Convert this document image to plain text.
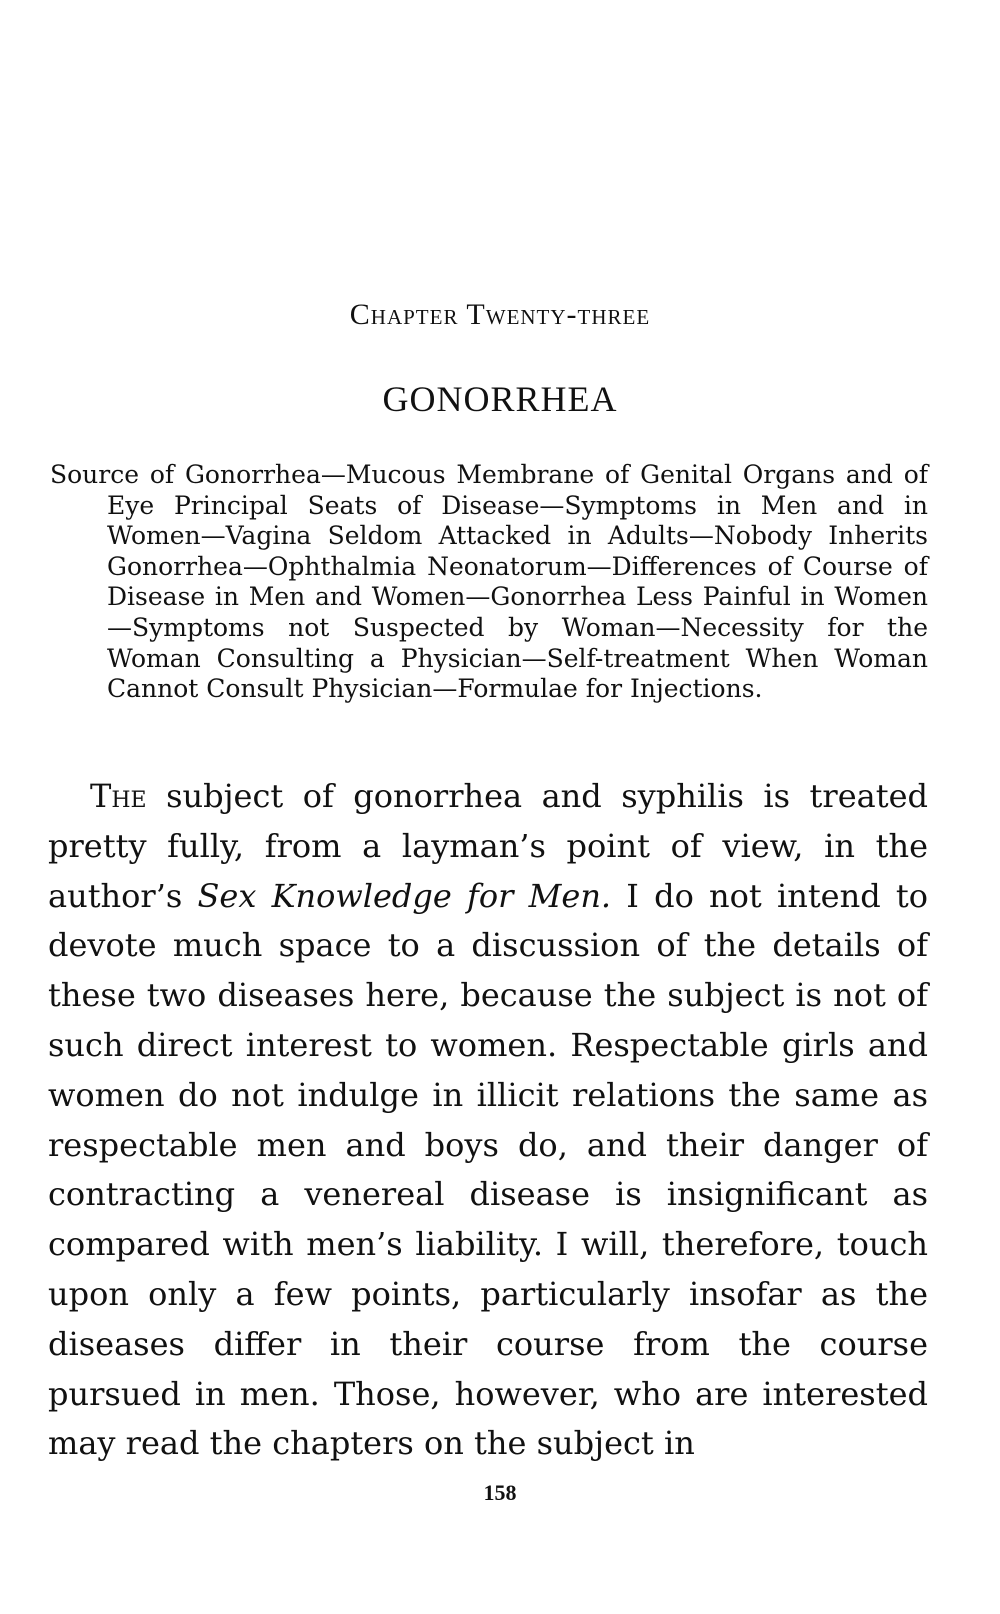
Chapter Twenty-three
GONORRHEA

Source of Gonorrhea—Mucous Membrane of Genital Organs and of Eye Principal Seats of Disease—Symptoms in Men and in Women—Vagina Seldom Attacked in Adults—Nobody Inherits Gonorrhea—Ophthalmia Neonatorum—Differences of Course of Disease in Men and Women—Gonorrhea Less Painful in Women—Symptoms not Suspected by Woman—Necessity for the Woman Consulting a Physician—Self-treatment When Woman Cannot Consult Physician—Formulae for Injections.

The subject of gonorrhea and syphilis is treated pretty fully, from a layman’s point of view, in the author’s Sex Knowledge for Men. I do not intend to devote much space to a discussion of the details of these two diseases here, because the subject is not of such direct interest to women. Respectable girls and women do not indulge in illicit relations the same as respectable men and boys do, and their danger of contracting a venereal disease is insignificant as compared with men’s liability. I will, therefore, touch upon only a few points, particularly insofar as the diseases differ in their course from the course pursued in men. Those, however, who are interested may read the chapters on the subject in

158
